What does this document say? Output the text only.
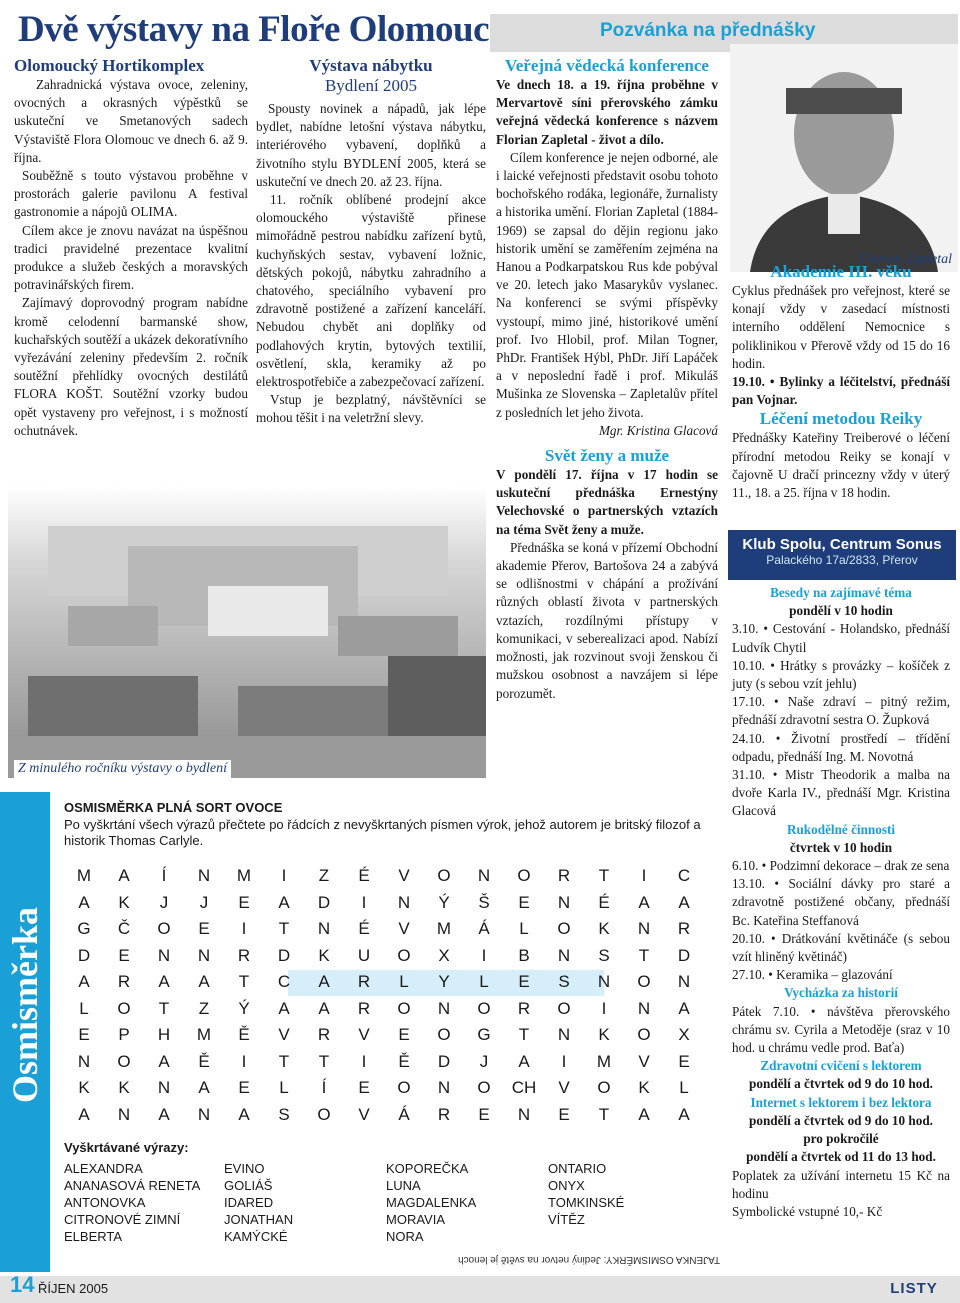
Dvě výstavy na Floře Olomouc

Olomoucký Hortikomplex

Zahradnická výstava ovoce, zeleniny, ovocných a okrasných výpěstků se uskuteční ve Smetanových sadech Výstaviště Flora Olomouc ve dnech 6. až 9. října.

Souběžně s touto výstavou proběhne v prostorách galerie pavilonu A festival gastronomie a nápojů OLIMA.

Cílem akce je znovu navázat na úspěšnou tradici pravidelné prezentace kvalitní produkce a služeb českých a moravských potravinářských firem.

Zajímavý doprovodný program nabídne kromě celodenní barmanské show, kuchařských soutěží a ukázek dekoratívního vyřezávání zeleniny především 2. ročník soutěžní přehlídky ovocných destilátů FLORA KOŠT. Soutěžní vzorky budou opět vystaveny pro veřejnost, i s možností ochutnávek.

Výstava nábytku

Bydlení 2005

Spousty novinek a nápadů, jak lépe bydlet, nabídne letošní výstava nábytku, interiérového vybavení, doplňků a životního stylu BYDLENÍ 2005, která se uskuteční ve dnech 20. až 23. října.

11. ročník oblíbené prodejní akce olomouckého výstaviště přinese mimořádně pestrou nabídku zařízení bytů, kuchyňských sestav, vybavení ložnic, dětských pokojů, nábytku zahradního a chatového, speciálního vybavení pro zdravotně postižené a zařízení kanceláří. Nebudou chybět ani doplňky od podlahových krytin, bytových textilií, osvětlení, skla, keramiky až po elektrospotřebiče a zabezpečovací zařízení.

Vstup je bezplatný, návštěvníci se mohou těšit i na veletržní slevy.

Výstaviště Flora Olomouc, a.s.,
Wolkerova 17, 771 11 Olomouc, tel.: 585 726 111, info@flora-ol.cz
Z minulého ročníku výstavy o bydlení
Pozvánka na přednášky

Veřejná vědecká konference

Ve dnech 18. a 19. října proběhne v Mervartově síni přerovského zámku veřejná vědecká konference s názvem Florian Zapletal - život a dílo.

Cílem konference je nejen odborné, ale i laické veřejnosti představit osobu tohoto bochořského rodáka, legionáře, žurnalisty a historika umění. Florian Zapletal (1884-1969) se zapsal do dějin regionu jako historik umění se zaměřením zejména na Hanou a Podkarpatskou Rus kde pobýval ve 20. letech jako Masarykův vyslanec. Na konferenci se svými příspěvky vystoupí, mimo jiné, historikové umění prof. Ivo Hlobil, prof. Milan Togner, PhDr. František Hýbl, PhDr. Jiří Lapáček a v neposlední řadě i prof. Mikuláš Mušinka ze Slovenska – Zapletalův přítel z posledních let jeho života.

Mgr. Kristina Glacová

Svět ženy a muže

V pondělí 17. října v 17 hodin se uskuteční přednáška Ernestýny Velechovské o partnerských vztazích na téma Svět ženy a muže.

Přednáška se koná v přízemí Obchodní akademie Přerov, Bartošova 24 a zabývá se odlišnostmi v chápání a prožívání různých oblastí života v partnerských vztazích, rozdílnými přístupy v komunikaci, v seberealizaci apod. Nabízí možnosti, jak rozvinout svoji ženskou či mužskou osobnost a navzájem si lépe porozumět.

Florian Zapletal

Akademie III. věku

Cyklus přednášek pro veřejnost, které se konají vždy v zasedací místnosti interního oddělení Nemocnice s poliklinikou v Přerově vždy od 15 do 16 hodin.

19.10. • Bylinky a léčitelství, přednáší pan Vojnar.

Léčení metodou Reiky

Přednášky Kateřiny Treiberové o léčení přírodní metodou Reiky se konají v čajovně U dračí princezny vždy v úterý 11., 18. a 25. října v 18 hodin.

Klub Spolu, Centrum Sonus
Palackého 17a/2833, Přerov

Besedy na zajímavé téma

pondělí v 10 hodin

3.10. • Cestování - Holandsko, přednáší Ludvík Chytil

10.10. • Hrátky s provázky – košíček z juty (s sebou vzít jehlu)

17.10. • Naše zdraví – pitný režim, přednáší zdravotní sestra O. Župková

24.10. • Životní prostředí – třídění odpadu, přednáší Ing. M. Novotná

31.10. • Mistr Theodorik a malba na dvoře Karla IV., přednáší Mgr. Kristina Glacová

Rukodělné činnosti

čtvrtek v 10 hodin

6.10. • Podzimní dekorace – drak ze sena

13.10. • Sociální dávky pro staré a zdravotně postižené občany, přednáší Bc. Kateřina Steffanová

20.10. • Drátkování květináče (s sebou vzít hliněný květináč)

27.10. • Keramika – glazování

Vycházka za historií

Pátek 7.10. • návštěva přerovského chrámu sv. Cyrila a Metoděje (sraz v 10 hod. u chrámu vedle prod. Baťa)

Zdravotní cvičení s lektorem

pondělí a čtvrtek od 9 do 10 hod.

Internet s lektorem i bez lektora

pondělí a čtvrtek od 9 do 10 hod.

pro pokročilé

pondělí a čtvrtek od 11 do 13 hod.

Poplatek za užívání internetu 15 Kč na hodinu

Symbolické vstupné 10,- Kč

Osmisměrka
OSMISMĚRKA PLNÁ SORT OVOCE
Po vyškrtání všech výrazů přečtete po řádcích z nevyškrtaných písmen výrok, jehož autorem je britský filozof a historik Thomas Carlyle.
M	A	Í	N	M	I	Z	É	V	O	N	O	R	T	I	C
A	K	J	J	E	A	D	I	N	Ý	Š	E	N	É	A	A
G	Č	O	E	I	T	N	É	V	M	Á	L	O	K	N	R
D	E	N	N	R	D	K	U	O	X	I	B	N	S	T	D
A	R	A	A	T	C	A	R	L	Y	L	E	S	N	O	N
L	O	T	Z	Ý	A	A	R	O	N	O	R	O	I	N	A
E	P	H	M	Ě	V	R	V	E	O	G	T	N	K	O	X
N	O	A	Ě	I	T	T	I	Ě	D	J	A	I	M	V	E
K	K	N	A	E	L	Í	E	O	N	O	CH	V	O	K	L
A	N	A	N	A	S	O	V	Á	R	E	N	E	T	A	A
Vyškrtávané výrazy:
ALEXANDRA
ANANASOVÁ RENETA
ANTONOVKA
CITRONOVÉ ZIMNÍ
ELBERTA
EVINO
GOLIÁŠ
IDARED
JONATHAN
KAMÝCKÉ
KOPOREČKA
LUNA
MAGDALENKA
MORAVIA
NORA
ONTARIO
ONYX
TOMKINSKÉ
VÍTĚZ
TAJENKA OSMISMĚRKY: Jediný netvor na světě je lenoch
14 ŘÍJEN 2005	LISTY
